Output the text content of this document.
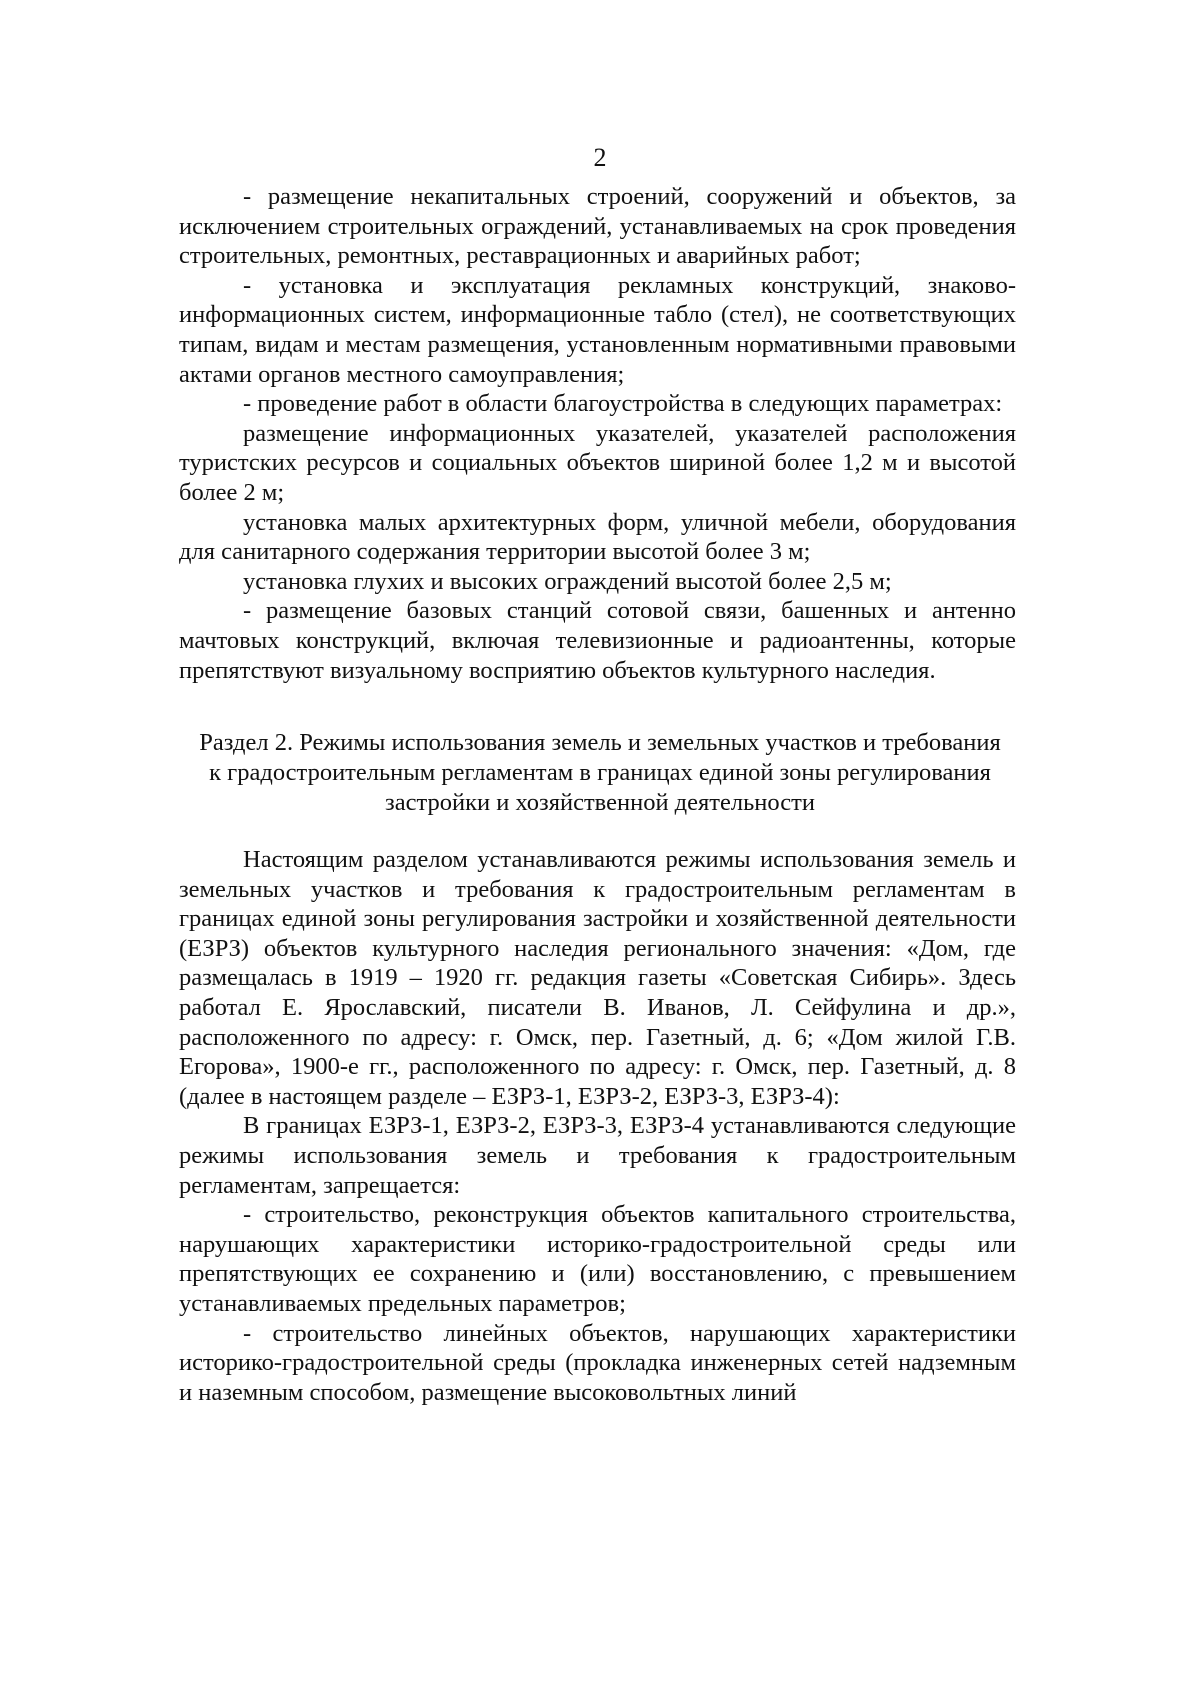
2

- размещение некапитальных строений, сооружений и объектов, за исключением строительных ограждений, устанавливаемых на срок проведения строительных, ремонтных, реставрационных и аварийных работ;

- установка и эксплуатация рекламных конструкций, знаково-информационных систем, информационные табло (стел), не соответствующих типам, видам и местам размещения, установленным нормативными правовыми актами органов местного самоуправления;

- проведение работ в области благоустройства в следующих параметрах:

размещение информационных указателей, указателей расположения туристских ресурсов и социальных объектов шириной более 1,2 м и высотой более 2 м;

установка малых архитектурных форм, уличной мебели, оборудования для санитарного содержания территории высотой более 3 м;

установка глухих и высоких ограждений высотой более 2,5 м;

- размещение базовых станций сотовой связи, башенных и антенно мачтовых конструкций, включая телевизионные и радиоантенны, которые препятствуют визуальному восприятию объектов культурного наследия.

Раздел 2. Режимы использования земель и земельных участков и требования
к градостроительным регламентам в границах единой зоны регулирования
застройки и хозяйственной деятельности

Настоящим разделом устанавливаются режимы использования земель и земельных участков и требования к градостроительным регламентам в границах единой зоны регулирования застройки и хозяйственной деятельности (ЕЗРЗ) объектов культурного наследия регионального значения: «Дом, где размещалась в 1919 – 1920 гг. редакция газеты «Советская Сибирь». Здесь работал Е. Ярославский, писатели В. Иванов, Л. Сейфулина и др.», расположенного по адресу: г. Омск, пер. Газетный, д. 6; «Дом жилой Г.В. Егорова», 1900-е гг., расположенного по адресу: г. Омск, пер. Газетный, д. 8 (далее в настоящем разделе – ЕЗРЗ-1, ЕЗРЗ-2, ЕЗРЗ-3, ЕЗРЗ-4):

В границах ЕЗРЗ-1, ЕЗРЗ-2, ЕЗРЗ-3, ЕЗРЗ-4 устанавливаются следующие режимы использования земель и требования к градостроительным регламентам, запрещается:

- строительство, реконструкция объектов капитального строительства, нарушающих характеристики историко-градостроительной среды или препятствующих ее сохранению и (или) восстановлению, с превышением устанавливаемых предельных параметров;

- строительство линейных объектов, нарушающих характеристики историко-градостроительной среды (прокладка инженерных сетей надземным и наземным способом, размещение высоковольтных линий
